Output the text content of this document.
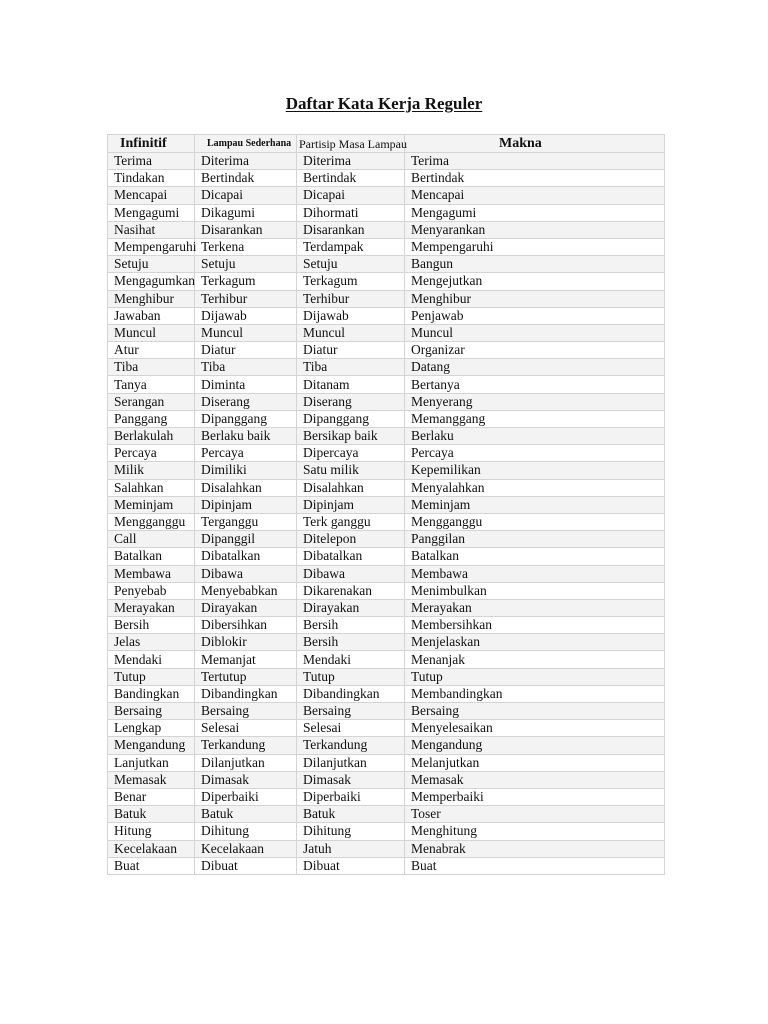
Daftar Kata Kerja Reguler
Infinitif	Lampau Sederhana	Partisip Masa Lampau	Makna
Terima	Diterima	Diterima	Terima
Tindakan	Bertindak	Bertindak	Bertindak
Mencapai	Dicapai	Dicapai	Mencapai
Mengagumi	Dikagumi	Dihormati	Mengagumi
Nasihat	Disarankan	Disarankan	Menyarankan
Mempengaruhi	Terkena	Terdampak	Mempengaruhi
Setuju	Setuju	Setuju	Bangun
Mengagumkan	Terkagum	Terkagum	Mengejutkan
Menghibur	Terhibur	Terhibur	Menghibur
Jawaban	Dijawab	Dijawab	Penjawab
Muncul	Muncul	Muncul	Muncul
Atur	Diatur	Diatur	Organizar
Tiba	Tiba	Tiba	Datang
Tanya	Diminta	Ditanam	Bertanya
Serangan	Diserang	Diserang	Menyerang
Panggang	Dipanggang	Dipanggang	Memanggang
Berlakulah	Berlaku baik	Bersikap baik	Berlaku
Percaya	Percaya	Dipercaya	Percaya
Milik	Dimiliki	Satu milik	Kepemilikan
Salahkan	Disalahkan	Disalahkan	Menyalahkan
Meminjam	Dipinjam	Dipinjam	Meminjam
Mengganggu	Terganggu	Terk ganggu	Mengganggu
Call	Dipanggil	Ditelepon	Panggilan
Batalkan	Dibatalkan	Dibatalkan	Batalkan
Membawa	Dibawa	Dibawa	Membawa
Penyebab	Menyebabkan	Dikarenakan	Menimbulkan
Merayakan	Dirayakan	Dirayakan	Merayakan
Bersih	Dibersihkan	Bersih	Membersihkan
Jelas	Diblokir	Bersih	Menjelaskan
Mendaki	Memanjat	Mendaki	Menanjak
Tutup	Tertutup	Tutup	Tutup
Bandingkan	Dibandingkan	Dibandingkan	Membandingkan
Bersaing	Bersaing	Bersaing	Bersaing
Lengkap	Selesai	Selesai	Menyelesaikan
Mengandung	Terkandung	Terkandung	Mengandung
Lanjutkan	Dilanjutkan	Dilanjutkan	Melanjutkan
Memasak	Dimasak	Dimasak	Memasak
Benar	Diperbaiki	Diperbaiki	Memperbaiki
Batuk	Batuk	Batuk	Toser
Hitung	Dihitung	Dihitung	Menghitung
Kecelakaan	Kecelakaan	Jatuh	Menabrak
Buat	Dibuat	Dibuat	Buat
